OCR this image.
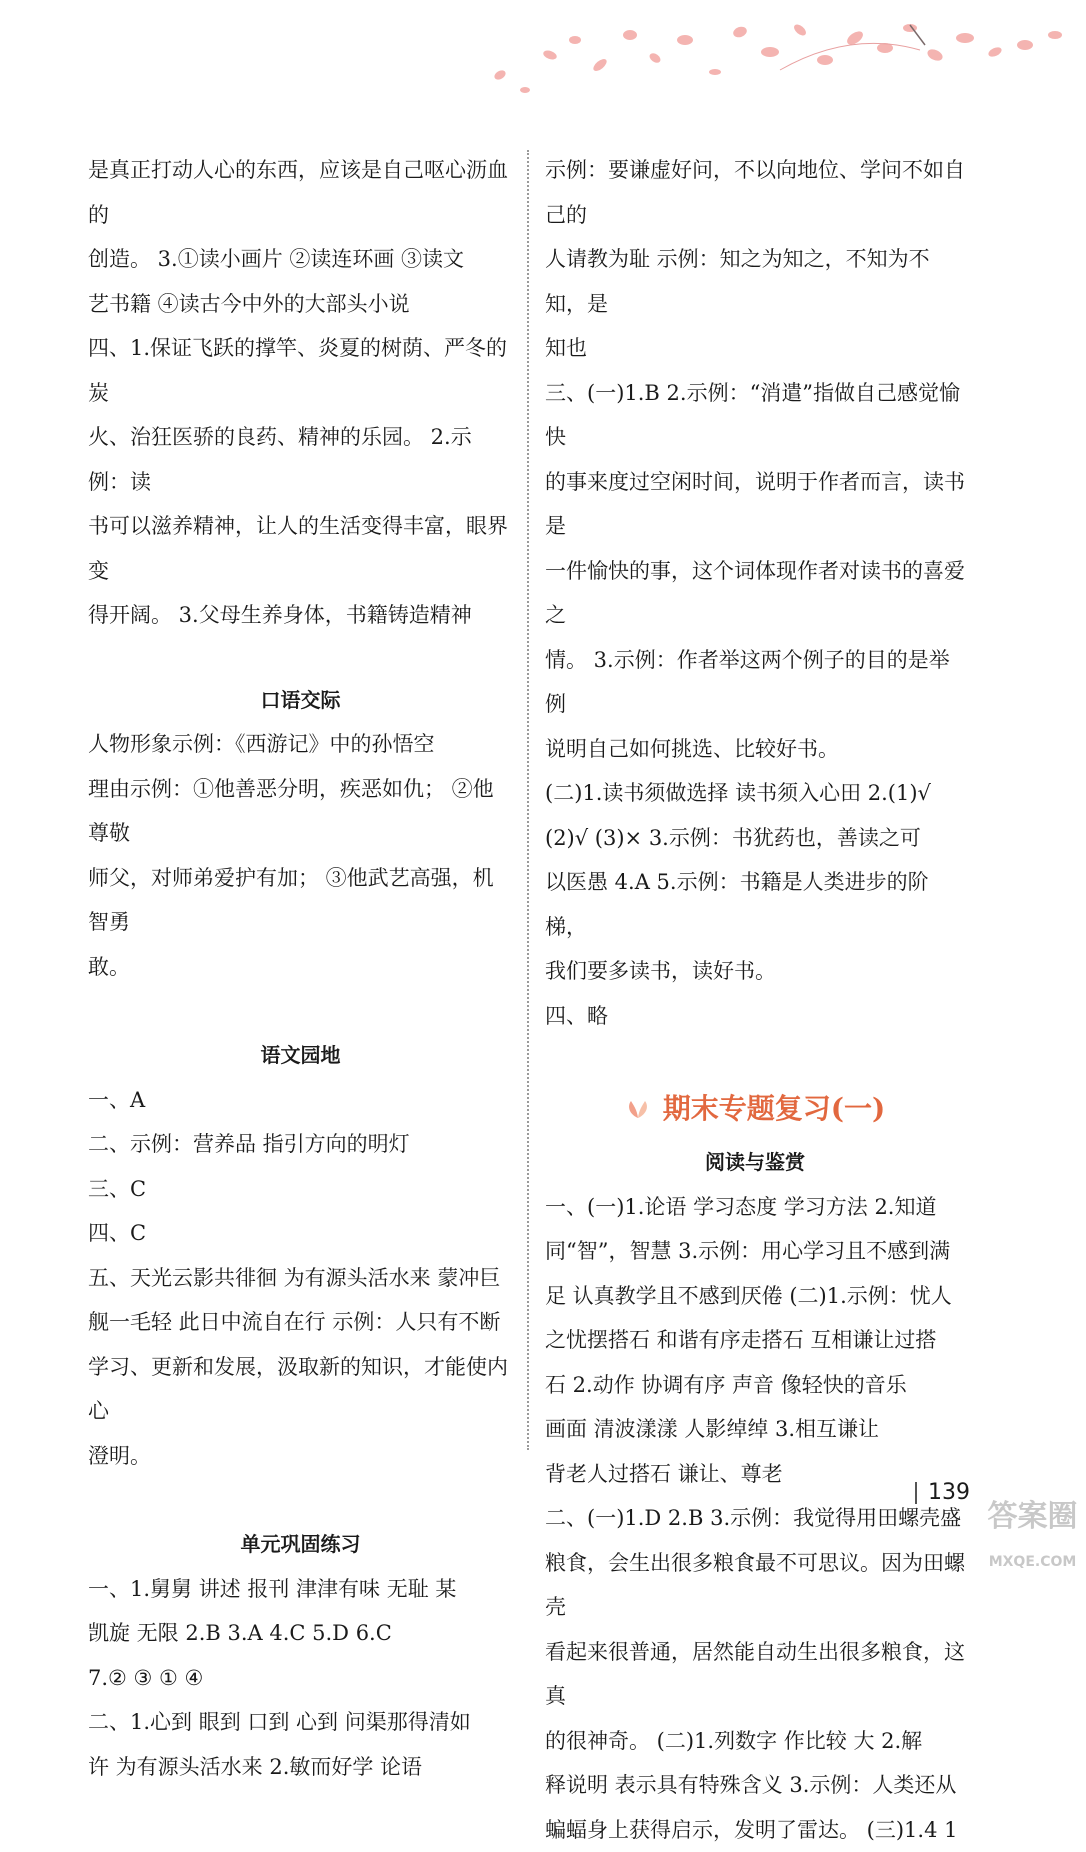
是真正打动人心的东西，应该是自己呕心沥血的
创造。 3.①读小画片 ②读连环画 ③读文
艺书籍 ④读古今中外的大部头小说
四、1.保证飞跃的撑竿、炎夏的树荫、严冬的炭
火、治狂医骄的良药、精神的乐园。 2.示例：读
书可以滋养精神，让人的生活变得丰富，眼界变
得开阔。 3.父母生养身体，书籍铸造精神
口语交际
人物形象示例：《西游记》中的孙悟空
理由示例：①他善恶分明，疾恶如仇； ②他尊敬
师父，对师弟爱护有加； ③他武艺高强，机智勇
敢。
语文园地
一、A
二、示例：营养品 指引方向的明灯
三、C
四、C
五、天光云影共徘徊 为有源头活水来 蒙冲巨
舰一毛轻 此日中流自在行 示例：人只有不断
学习、更新和发展，汲取新的知识，才能使内心
澄明。
单元巩固练习
一、1.舅舅 讲述 报刊 津津有味 无耻 某
凯旋 无限 2.B 3.A 4.C 5.D 6.C
7.② ③ ① ④
二、1.心到 眼到 口到 心到 问渠那得清如
许 为有源头活水来 2.敏而好学 论语
示例：要谦虚好问，不以向地位、学问不如自己的
人请教为耻 示例：知之为知之，不知为不知，是
知也
三、(一)1.B 2.示例：“消遣”指做自己感觉愉快
的事来度过空闲时间，说明于作者而言，读书是
一件愉快的事，这个词体现作者对读书的喜爱之
情。 3.示例：作者举这两个例子的目的是举例
说明自己如何挑选、比较好书。
(二)1.读书须做选择 读书须入心田 2.(1)√
(2)√ (3)× 3.示例：书犹药也，善读之可
以医愚 4.A 5.示例：书籍是人类进步的阶梯，
我们要多读书，读好书。
四、略
期末专题复习(一)
阅读与鉴赏
一、(一)1.论语 学习态度 学习方法 2.知道
同“智”，智慧 3.示例：用心学习且不感到满
足 认真教学且不感到厌倦 (二)1.示例：忧人
之忧摆搭石 和谐有序走搭石 互相谦让过搭
石 2.动作 协调有序 声音 像轻快的音乐
画面 清波漾漾 人影绰绰 3.相互谦让
背老人过搭石 谦让、尊老
二、(一)1.D 2.B 3.示例：我觉得用田螺壳盛
粮食，会生出很多粮食最不可思议。因为田螺壳
看起来很普通，居然能自动生出很多粮食，这真
的很神奇。 (二)1.列数字 作比较 大 2.解
释说明 表示具有特殊含义 3.示例：人类还从
蝙蝠身上获得启示，发明了雷达。 (三)1.4 1
139
答案圈
MXQE.COM
